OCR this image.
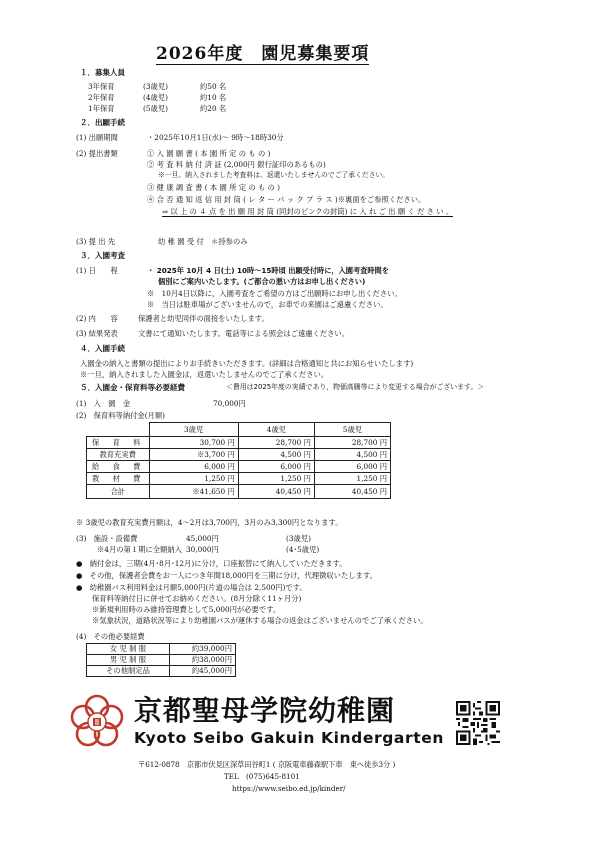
2026年度　園児募集要項
１．募集人員
3年保育	(3歳児)	約50 名
2年保育	(4歳児)	約10 名
1年保育	(5歳児)	約20 名
２．出願手続
(1) 出願期間	・2025年10月1日(水)～ 9時～18時30分
(2) 提出書類	① 入 園 願 書 ( 本 園 所 定 の も の )
② 考 査 料 納 付 済 証 (2,000円 銀行証印のあるもの)
※一旦、納入されました考査料は、返還いたしませんのでご了承ください。
③ 健 康 調 査 書 ( 本 園 所 定 の も の )
④ 合 否 通 知 返 信 用 封 筒 ( レ タ ー パ ッ ク プ ラ ス )※裏面をご参照ください。
⇒ 以 上 の ４ 点 を 出 願 用 封 筒 (同封のピンクの封筒) に 入 れ ご 出 願 く だ さ い 。
(3) 提 出 先	幼 稚 園 受 付　＊持参のみ
３．入園考査
(1) 日　　程	・ 2025年 10月 4 日(土) 10時～15時頃 出願受付時に，入園考査時間を
個別にご案内いたします。(ご都合の悪い方はお申し出ください)
※　10月4日以降に，入園考査をご希望の方はご出願時にお申し出ください。
※　当日は駐車場がございませんので，お車での来園はご遠慮ください。
(2) 内　　容	保護者と幼児同伴の面接をいたします。
(3) 結果発表	文書にて通知いたします。電話等による照会はご遠慮ください。
４．入園手続
入園金の納入と書類の提出によりお手続きいただきます。(詳細は合格通知と共にお知らせいたします)
※一旦，納入されました入園金は，返還いたしませんのでご了承ください。
５．入園金・保育料等必要経費	＜費用は2025年度の実績であり，物価高騰等により変更する場合がございます。＞
(1)　入　園　金	70,000円
(2)　保育料等納付金(月額)
	3歳児	4歳児	5歳児
保　育　料	30,700 円	28,700 円	28,700 円
教育充実費	※3,700 円	4,500 円	4,500 円
給　食　費	6,000 円	6,000 円	6,000 円
教　材　費	1,250 円	1,250 円	1,250 円
合計	※41,650 円	40,450 円	40,450 円
※ 3歳児の教育充実費月額は，4～2月は3,700円，3月のみ3,300円となります。
(3)　施設・設備費	45,000円	(3歳児)
※4月の第１期に全額納入 30,000円	(4･5歳児)
●　 納付金は，三期(4月･8月･12月)に分け，口座振替にて納入していただきます。
●　 その他，保護者会費をお一人につき年間18,000円を三期に分け，代理徴収いたします。
●　 幼稚園バス利用料金は月額5,000円(片道の場合は 2,500円)です。
保育料等納付日に併せてお納めください。(8月分除く11ヶ月分)
※新規利用時のみ維持管理費として5,000円が必要です。
※気象状況，道路状況等により幼稚園バスが運休する場合の返金はございませんのでご了承ください。
(4)　その他必要経費
女 児 制 服	約39,000円
男 児 制 服	約38,000円
その他制定品	約45,000円
京都聖母学院幼稚園
Kyoto Seibo Gakuin Kindergarten
〒612-0878　京都市伏見区深草田谷町1 ( 京阪電車藤森駅下車　東へ徒歩3分 )
TEL　(075)645-8101
https://www.seibo.ed.jp/kinder/
